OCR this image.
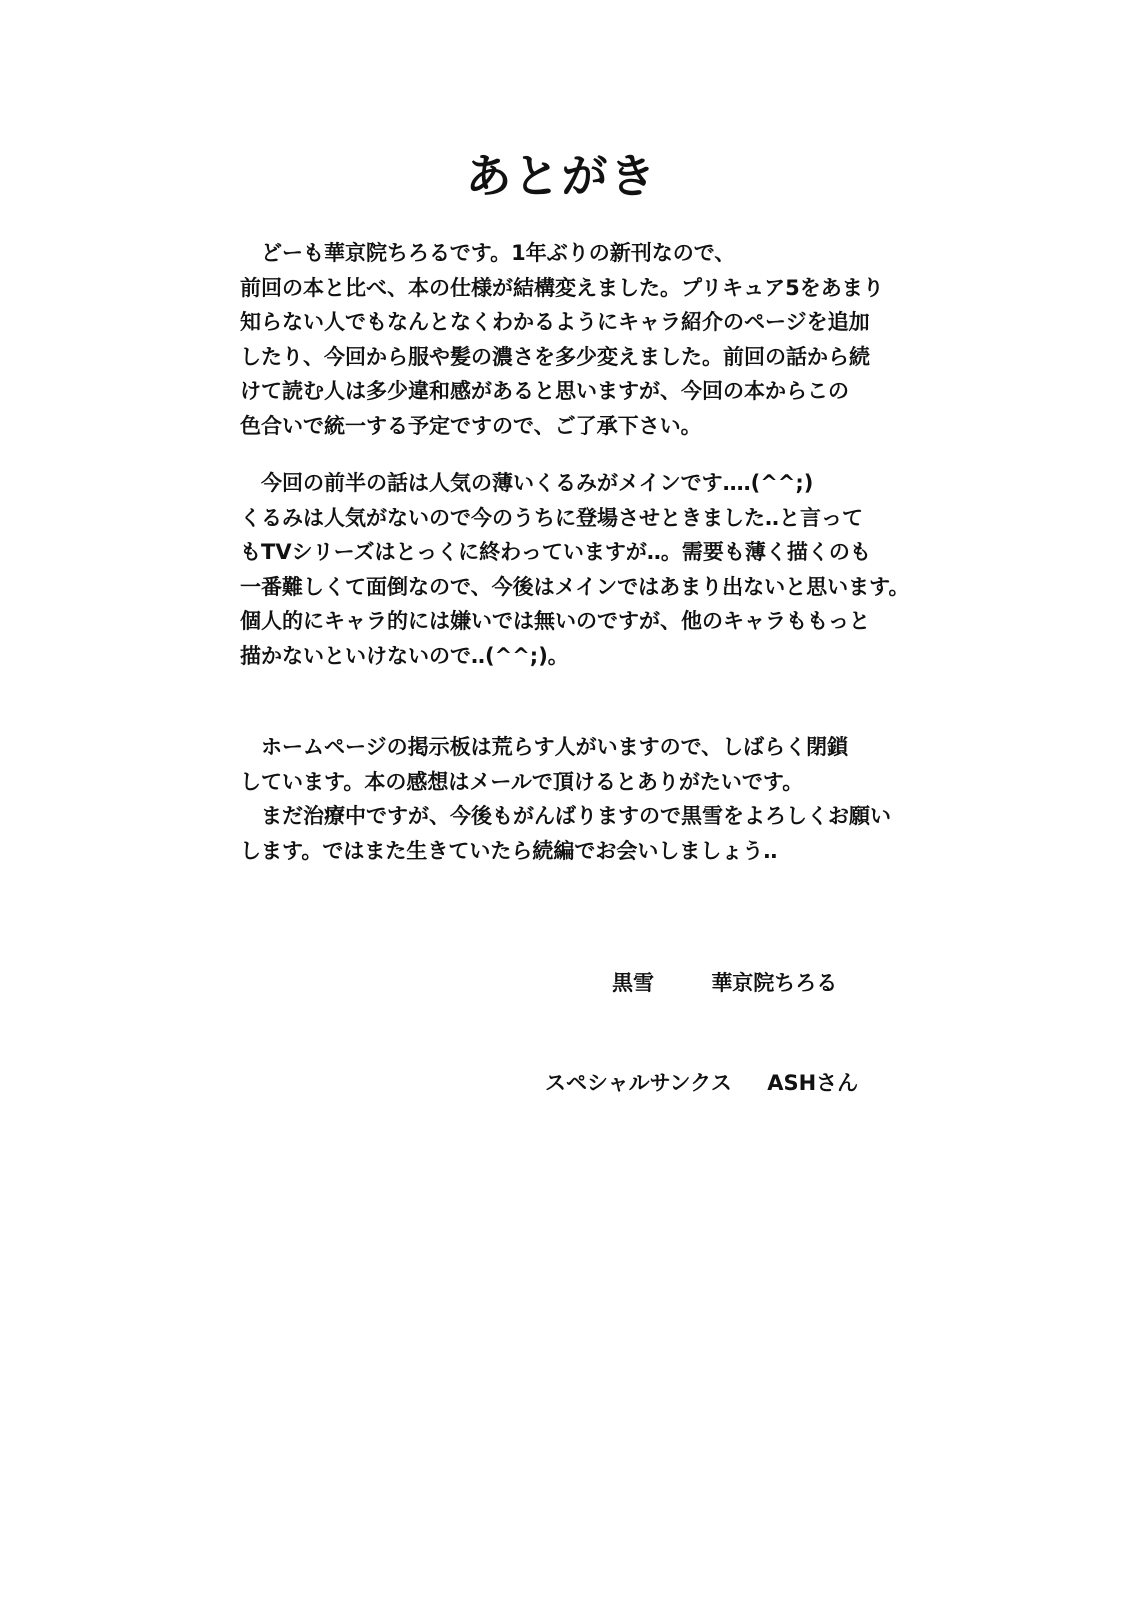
あとがき
　どーも華京院ちろるです。1年ぶりの新刊なので、
前回の本と比べ、本の仕様が結構変えました。プリキュア5をあまり
知らない人でもなんとなくわかるようにキャラ紹介のページを追加
したり、今回から服や髪の濃さを多少変えました。前回の話から続
けて読む人は多少違和感があると思いますが、今回の本からこの
色合いで統一する予定ですので、ご了承下さい。
　今回の前半の話は人気の薄いくるみがメインです‥‥(^^;)
くるみは人気がないので今のうちに登場させときました‥と言って
もTVシリーズはとっくに終わっていますが‥。需要も薄く描くのも
一番難しくて面倒なので、今後はメインではあまり出ないと思います。
個人的にキャラ的には嫌いでは無いのですが、他のキャラももっと
描かないといけないので‥(^^;)。
　ホームページの掲示板は荒らす人がいますので、しばらく閉鎖
しています。本の感想はメールで頂けるとありがたいです。
　まだ治療中ですが、今後もがんばりますので黒雪をよろしくお願い
します。ではまた生きていたら続編でお会いしましょう‥
黒雪	華京院ちろる
スペシャルサンクス ASHさん
